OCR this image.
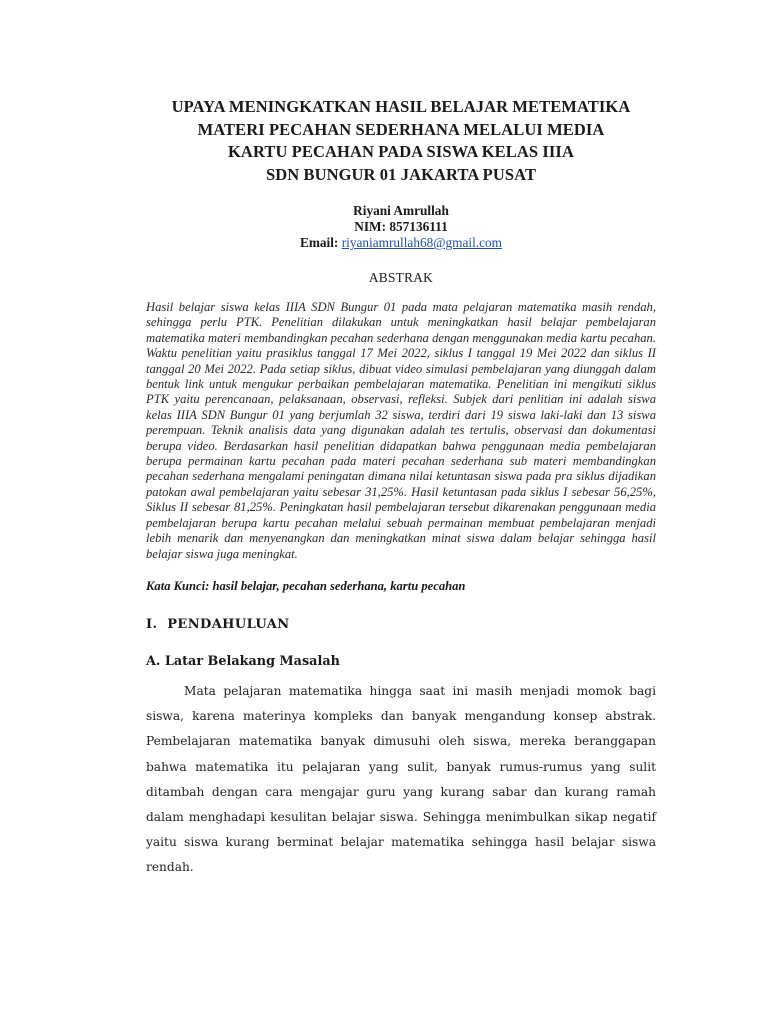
UPAYA MENINGKATKAN HASIL BELAJAR METEMATIKA
MATERI PECAHAN SEDERHANA MELALUI MEDIA
KARTU PECAHAN PADA SISWA KELAS IIIA
SDN BUNGUR 01 JAKARTA PUSAT
Riyani Amrullah
NIM: 857136111
Email: riyaniamrullah68@gmail.com
ABSTRAK

Hasil belajar siswa kelas IIIA SDN Bungur 01 pada mata pelajaran matematika masih rendah, sehingga perlu PTK. Penelitian dilakukan untuk meningkatkan hasil belajar pembelajaran matematika materi membandingkan pecahan sederhana dengan menggunakan media kartu pecahan. Waktu penelitian yaitu prasiklus tanggal 17 Mei 2022, siklus I tanggal 19 Mei 2022 dan siklus II tanggal 20 Mei 2022. Pada setiap siklus, dibuat video simulasi pembelajaran yang diunggah dalam bentuk link untuk mengukur perbaikan pembelajaran matematika. Penelitian ini mengikuti siklus PTK yaitu perencanaan, pelaksanaan, observasi, refleksi. Subjek dari penlitian ini adalah siswa kelas IIIA SDN Bungur 01 yang berjumlah 32 siswa, terdiri dari 19 siswa laki-laki dan 13 siswa perempuan. Teknik analisis data yang digunakan adalah tes tertulis, observasi dan dokumentasi berupa video. Berdasarkan hasil penelitian didapatkan bahwa penggunaan media pembelajaran berupa permainan kartu pecahan pada materi pecahan sederhana sub materi membandingkan pecahan sederhana mengalami peningatan dimana nilai ketuntasan siswa pada pra siklus dijadikan patokan awal pembelajaran yaitu sebesar 31,25%. Hasil ketuntasan pada siklus I sebesar 56,25%, Siklus II sebesar 81,25%. Peningkatan hasil pembelajaran tersebut dikarenakan penggunaan media pembelajaran berupa kartu pecahan melalui sebuah permainan membuat pembelajaran menjadi lebih menarik dan menyenangkan dan meningkatkan minat siswa dalam belajar sehingga hasil belajar siswa juga meningkat.

Kata Kunci: hasil belajar, pecahan sederhana, kartu pecahan

I.  PENDAHULUAN
A. Latar Belakang Masalah

Mata pelajaran matematika hingga saat ini masih menjadi momok bagi siswa, karena materinya kompleks dan banyak mengandung konsep abstrak. Pembelajaran matematika banyak dimusuhi oleh siswa, mereka beranggapan bahwa matematika itu pelajaran yang sulit, banyak rumus-rumus yang sulit ditambah dengan cara mengajar guru yang kurang sabar dan kurang ramah dalam menghadapi kesulitan belajar siswa. Sehingga menimbulkan sikap negatif yaitu siswa kurang berminat belajar matematika sehingga hasil belajar siswa rendah.
